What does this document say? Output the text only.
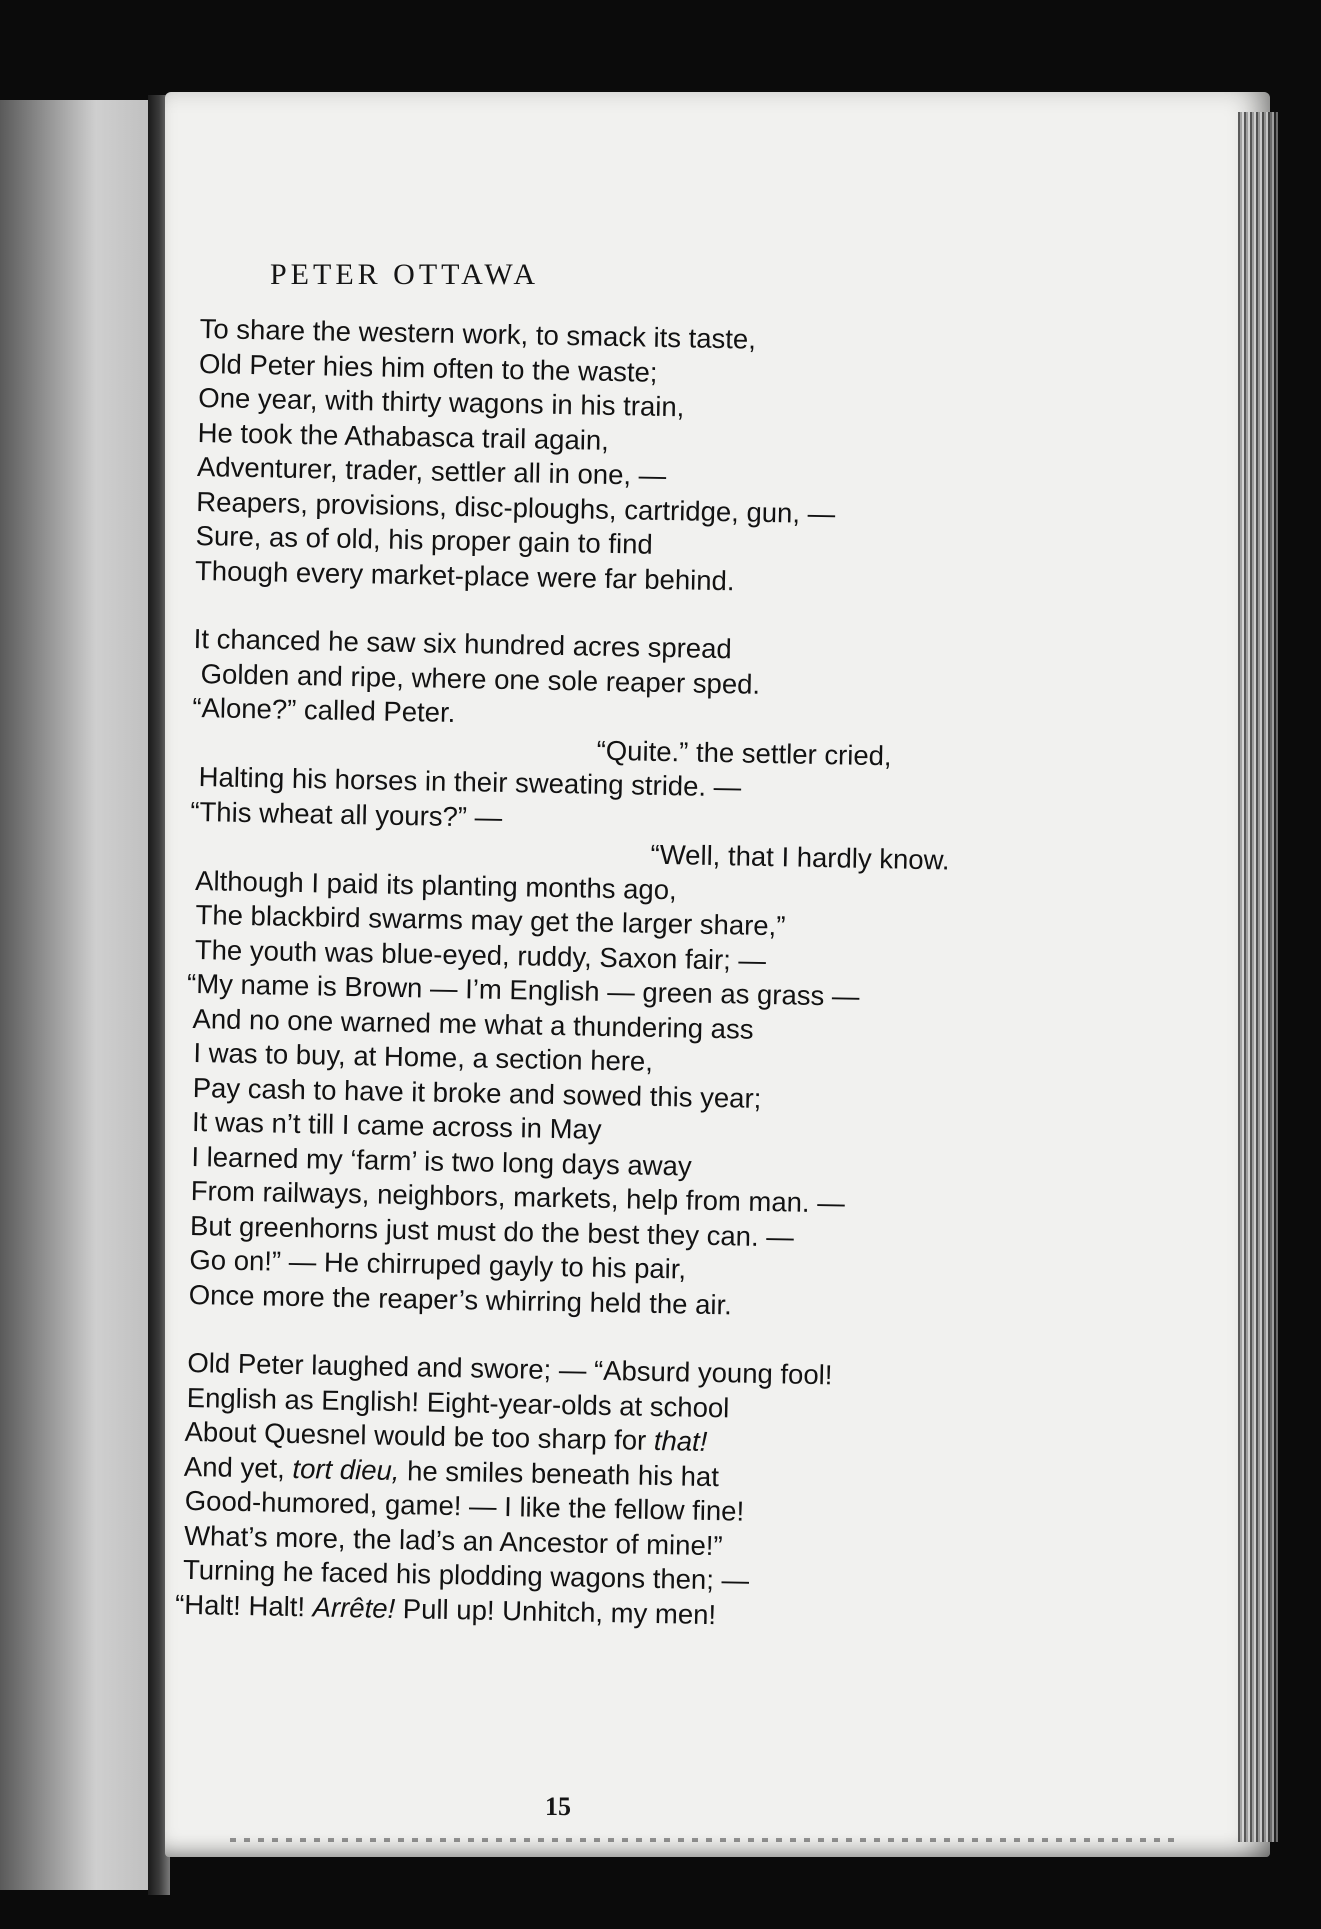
PETER OTTAWA
To share the western work, to smack its taste,
Old Peter hies him often to the waste;
One year, with thirty wagons in his train,
He took the Athabasca trail again,
Adventurer, trader, settler all in one, —
Reapers, provisions, disc-ploughs, cartridge, gun, —
Sure, as of old, his proper gain to find
Though every market-place were far behind.
It chanced he saw six hundred acres spread
Golden and ripe, where one sole reaper sped.
“Alone?” called Peter.
“Quite.” the settler cried,
Halting his horses in their sweating stride. —
“This wheat all yours?” —
“Well, that I hardly know.
Although I paid its planting months ago,
The blackbird swarms may get the larger share,”
The youth was blue-eyed, ruddy, Saxon fair; —
“My name is Brown — I’m English — green as grass —
And no one warned me what a thundering ass
I was to buy, at Home, a section here,
Pay cash to have it broke and sowed this year;
It was n’t till I came across in May
I learned my ‘farm’ is two long days away
From railways, neighbors, markets, help from man. —
But greenhorns just must do the best they can. —
Go on!” — He chirruped gayly to his pair,
Once more the reaper’s whirring held the air.
Old Peter laughed and swore; — “Absurd young fool!
English as English! Eight-year-olds at school
About Quesnel would be too sharp for that!
And yet, tort dieu, he smiles beneath his hat
Good-humored, game! — I like the fellow fine!
What’s more, the lad’s an Ancestor of mine!”
Turning he faced his plodding wagons then; —
“Halt! Halt! Arrête! Pull up! Unhitch, my men!
15
